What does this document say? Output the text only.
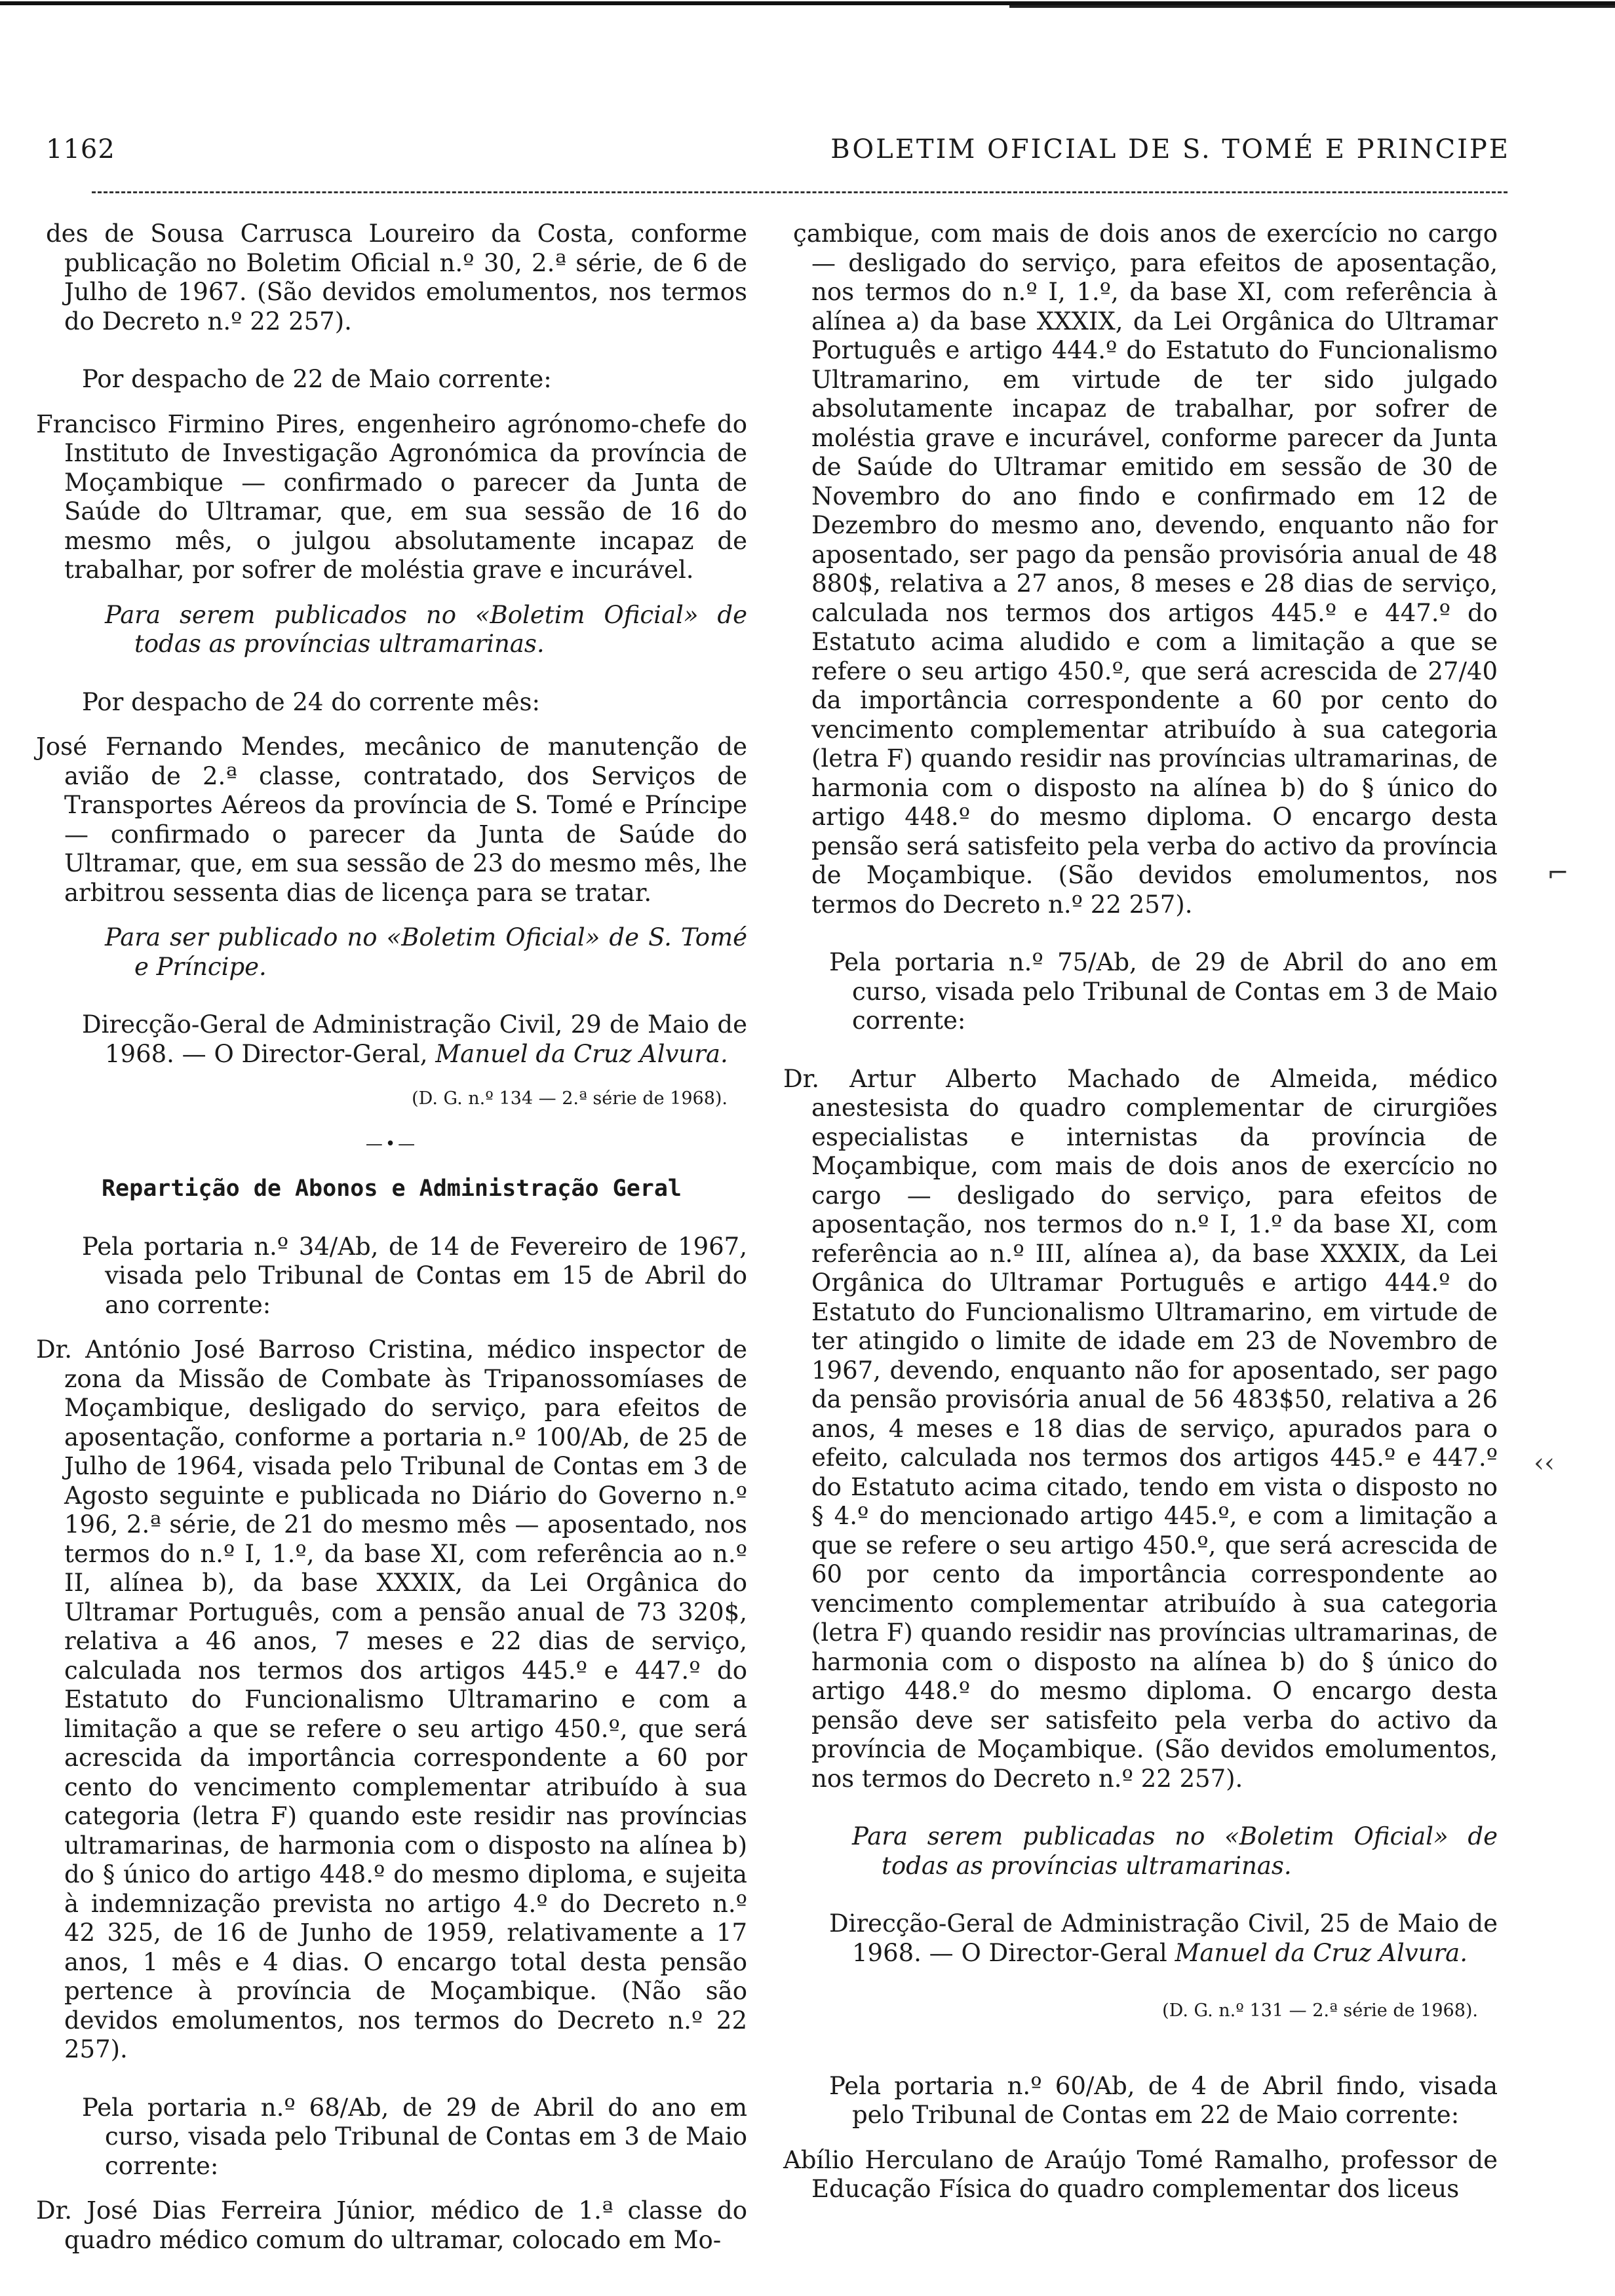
1162	BOLETIM OFICIAL DE S. TOMÉ E PRINCIPE

des de Sousa Carrusca Loureiro da Costa, conforme publicação no Boletim Oficial n.º 30, 2.ª série, de 6 de Julho de 1967. (São devidos emolumentos, nos termos do Decreto n.º 22 257).

Por despacho de 22 de Maio corrente:

Francisco Firmino Pires, engenheiro agrónomo-chefe do Instituto de Investigação Agronómica da província de Moçambique — confirmado o parecer da Junta de Saúde do Ultramar, que, em sua sessão de 16 do mesmo mês, o julgou absolutamente incapaz de trabalhar, por sofrer de moléstia grave e incurável.

Para serem publicados no «Boletim Oficial» de todas as províncias ultramarinas.

Por despacho de 24 do corrente mês:

José Fernando Mendes, mecânico de manutenção de avião de 2.ª classe, contratado, dos Serviços de Transportes Aéreos da província de S. Tomé e Príncipe — confirmado o parecer da Junta de Saúde do Ultramar, que, em sua sessão de 23 do mesmo mês, lhe arbitrou sessenta dias de licença para se tratar.

Para ser publicado no «Boletim Oficial» de S. Tomé e Príncipe.

Direcção-Geral de Administração Civil, 29 de Maio de 1968. — O Director-Geral, Manuel da Cruz Alvura.

(D. G. n.º 134 — 2.ª série de 1968).

—•—

Repartição de Abonos e Administração Geral

Pela portaria n.º 34/Ab, de 14 de Fevereiro de 1967, visada pelo Tribunal de Contas em 15 de Abril do ano corrente:

Dr. António José Barroso Cristina, médico inspector de zona da Missão de Combate às Tripanossomíases de Moçambique, desligado do serviço, para efeitos de aposentação, conforme a portaria n.º 100/Ab, de 25 de Julho de 1964, visada pelo Tribunal de Contas em 3 de Agosto seguinte e publicada no Diário do Governo n.º 196, 2.ª série, de 21 do mesmo mês — aposentado, nos termos do n.º I, 1.º, da base XI, com referência ao n.º II, alínea b), da base XXXIX, da Lei Orgânica do Ultramar Português, com a pensão anual de 73 320$, relativa a 46 anos, 7 meses e 22 dias de serviço, calculada nos termos dos artigos 445.º e 447.º do Estatuto do Funcionalismo Ultramarino e com a limitação a que se refere o seu artigo 450.º, que será acrescida da importância correspondente a 60 por cento do vencimento complementar atribuído à sua categoria (letra F) quando este residir nas províncias ultramarinas, de harmonia com o disposto na alínea b) do § único do artigo 448.º do mesmo diploma, e sujeita à indemnização prevista no artigo 4.º do Decreto n.º 42 325, de 16 de Junho de 1959, relativamente a 17 anos, 1 mês e 4 dias. O encargo total desta pensão pertence à província de Moçambique. (Não são devidos emolumentos, nos termos do Decreto n.º 22 257).

Pela portaria n.º 68/Ab, de 29 de Abril do ano em curso, visada pelo Tribunal de Contas em 3 de Maio corrente:

Dr. José Dias Ferreira Júnior, médico de 1.ª classe do quadro médico comum do ultramar, colocado em Mo-

çambique, com mais de dois anos de exercício no cargo — desligado do serviço, para efeitos de aposentação, nos termos do n.º I, 1.º, da base XI, com referência à alínea a) da base XXXIX, da Lei Orgânica do Ultramar Português e artigo 444.º do Estatuto do Funcionalismo Ultramarino, em virtude de ter sido julgado absolutamente incapaz de trabalhar, por sofrer de moléstia grave e incurável, conforme parecer da Junta de Saúde do Ultramar emitido em sessão de 30 de Novembro do ano findo e confirmado em 12 de Dezembro do mesmo ano, devendo, enquanto não for aposentado, ser pago da pensão provisória anual de 48 880$, relativa a 27 anos, 8 meses e 28 dias de serviço, calculada nos termos dos artigos 445.º e 447.º do Estatuto acima aludido e com a limitação a que se refere o seu artigo 450.º, que será acrescida de 27/40 da importância correspondente a 60 por cento do vencimento complementar atribuído à sua categoria (letra F) quando residir nas províncias ultramarinas, de harmonia com o disposto na alínea b) do § único do artigo 448.º do mesmo diploma. O encargo desta pensão será satisfeito pela verba do activo da província de Moçambique. (São devidos emolumentos, nos termos do Decreto n.º 22 257).

Pela portaria n.º 75/Ab, de 29 de Abril do ano em curso, visada pelo Tribunal de Contas em 3 de Maio corrente:

Dr. Artur Alberto Machado de Almeida, médico anestesista do quadro complementar de cirurgiões especialistas e internistas da província de Moçambique, com mais de dois anos de exercício no cargo — desligado do serviço, para efeitos de aposentação, nos termos do n.º I, 1.º da base XI, com referência ao n.º III, alínea a), da base XXXIX, da Lei Orgânica do Ultramar Português e artigo 444.º do Estatuto do Funcionalismo Ultramarino, em virtude de ter atingido o limite de idade em 23 de Novembro de 1967, devendo, enquanto não for aposentado, ser pago da pensão provisória anual de 56 483$50, relativa a 26 anos, 4 meses e 18 dias de serviço, apurados para o efeito, calculada nos termos dos artigos 445.º e 447.º do Estatuto acima citado, tendo em vista o disposto no § 4.º do mencionado artigo 445.º, e com a limitação a que se refere o seu artigo 450.º, que será acrescida de 60 por cento da importância correspondente ao vencimento complementar atribuído à sua categoria (letra F) quando residir nas províncias ultramarinas, de harmonia com o disposto na alínea b) do § único do artigo 448.º do mesmo diploma. O encargo desta pensão deve ser satisfeito pela verba do activo da província de Moçambique. (São devidos emolumentos, nos termos do Decreto n.º 22 257).

Para serem publicadas no «Boletim Oficial» de todas as províncias ultramarinas.

Direcção-Geral de Administração Civil, 25 de Maio de 1968. — O Director-Geral Manuel da Cruz Alvura.

(D. G. n.º 131 — 2.ª série de 1968).

Pela portaria n.º 60/Ab, de 4 de Abril findo, visada pelo Tribunal de Contas em 22 de Maio corrente:

Abílio Herculano de Araújo Tomé Ramalho, professor de Educação Física do quadro complementar dos liceus

⌐
‹‹
